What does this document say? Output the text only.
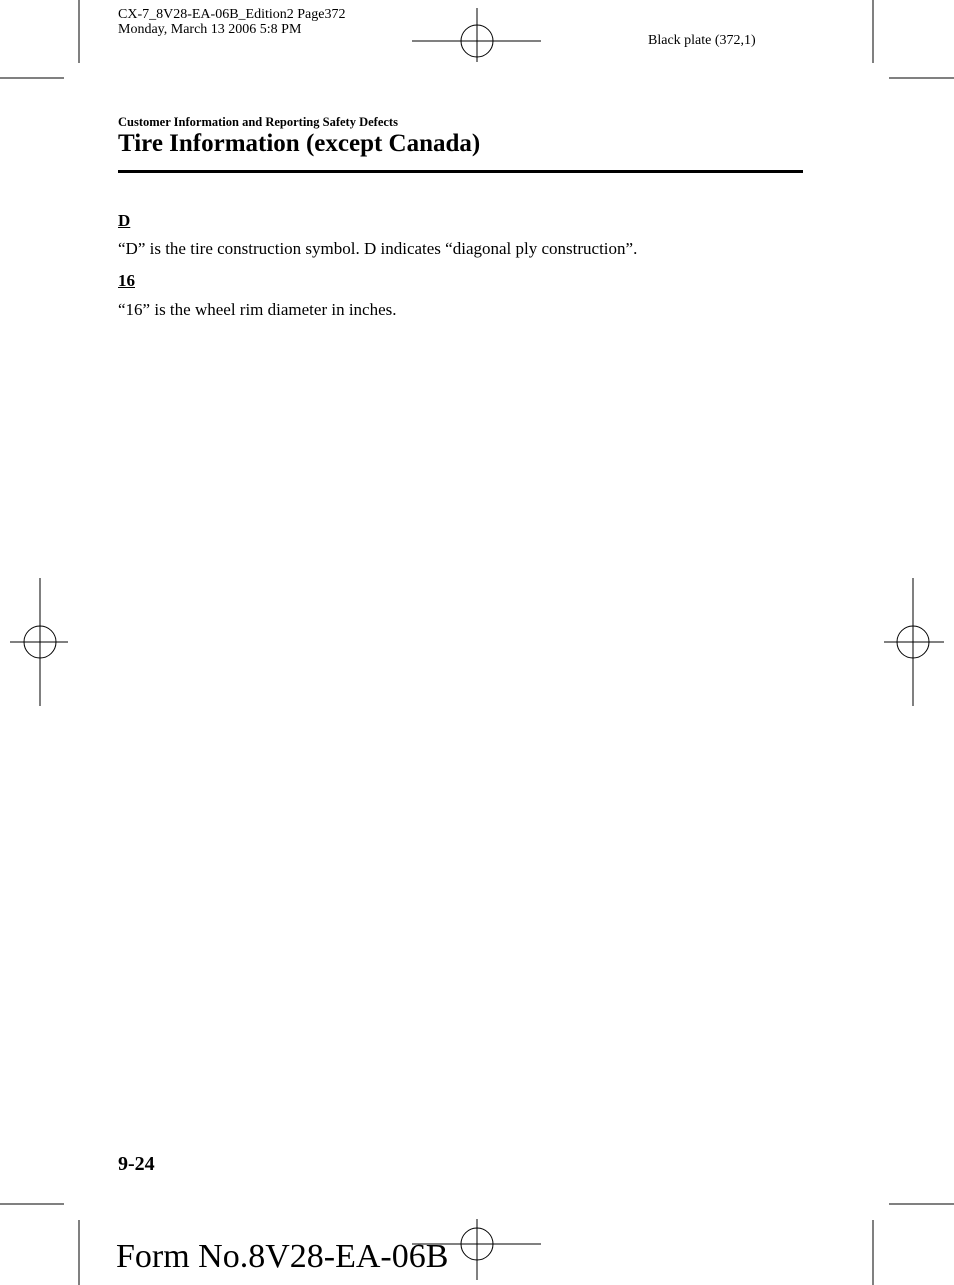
CX-7_8V28-EA-06B_Edition2 Page372
Monday, March 13 2006 5:8 PM
Black plate (372,1)
Customer Information and Reporting Safety Defects
Tire Information (except Canada)
D
“D” is the tire construction symbol. D indicates “diagonal ply construction”.
16
“16” is the wheel rim diameter in inches.
9-24
Form No.8V28-EA-06B
